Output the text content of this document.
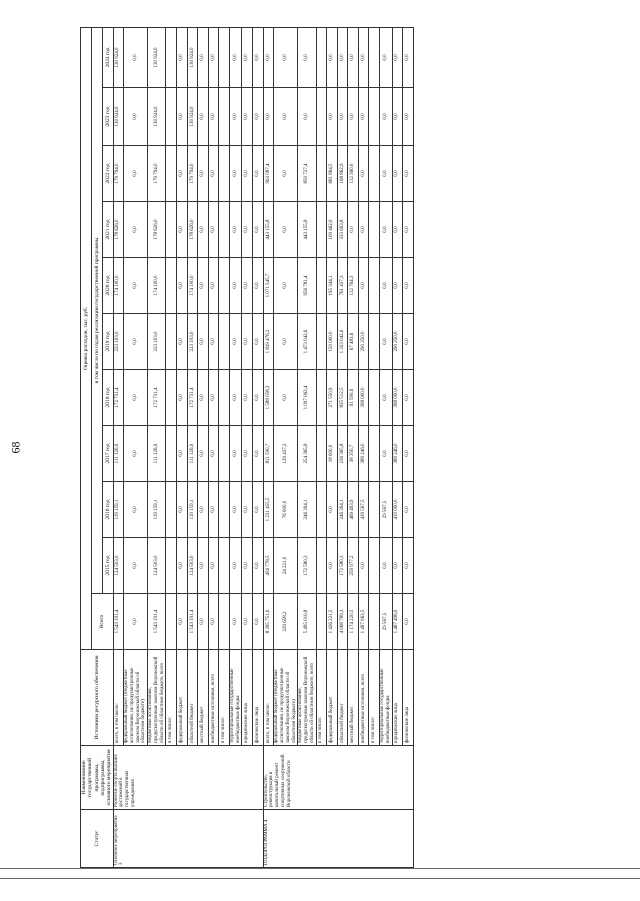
68
Статус	Наименование государственной программы, подпрограммы, основного мероприятия	Источники ресурсного обеспечения	Оценка расходов, тыс. руб.										
			Всего	в том числе по годам реализации государственной программы									
				2015 год	2016 год	2017 год	2018 год	2019 год	2020 год	2021 год	2022 год	2023 год	2024 год
Основное мероприятие 3	Развитие спорта высших достижений в государственных учреждениях	всего, в том числе:	1 543 191,4	124 503,0	119 159,1	111 126,9	172 731,4	223 103,0	174 100,0	178 626,0	179 794,0	130 924,0	130 924,0
		федеральный бюджет (бюджетные ассигнования, не предусмотренные законом Воронежской области об областном бюджете)	0,0	0,0	0,0	0,0	0,0	0,0	0,0	0,0	0,0	0,0	0,0
		бюджетные ассигнования, предусмотренные законом Воронежской области об областном бюджете, всего	1 543 191,4	124 503,0	119 159,1	111 126,9	172 731,4	223 103,0	174 100,0	178 626,0	179 794,0	130 924,0	130 924,0
		в том числе:											
		федеральный бюджет	0,0	0,0	0,0	0,0	0,0	0,0	0,0	0,0	0,0	0,0	0,0
		областной бюджет	1 543 191,4	124 503,0	119 159,1	111 126,9	172 731,4	223 103,0	174 100,0	178 626,0	179 794,0	130 924,0	130 924,0
		местный бюджет	0,0	0,0	0,0	0,0	0,0	0,0	0,0	0,0	0,0	0,0	0,0
		внебюджетные источники, всего	0,0	0,0	0,0	0,0	0,0	0,0	0,0	0,0	0,0	0,0	0,0
		в том числе:											
		территориальные государственные внебюджетные фонды	0,0	0,0	0,0	0,0	0,0	0,0	0,0	0,0	0,0	0,0	0,0
		юридические лица	0,0	0,0	0,0	0,0	0,0	0,0	0,0	0,0	0,0	0,0	0,0
		физические лица	0,0	0,0	0,0	0,0	0,0	0,0	0,0	0,0	0,0	0,0	0,0
ПОДПРОГРАММА 4	Строительство, реконструкция и капитальный ремонт спортивных сооружений Воронежской области	всего, в том числе:	8 395 751,0	456 778,5	1 231 455,5	811 590,7	1 588 058,3	1 829 476,2	1 071 545,7	443 155,8	963 087,4	0,0	0,0
		федеральный бюджет (бюджетные ассигнования, не предусмотренные законом Воронежской области об областном бюджете)	229 658,2	24 221,0	76 000,0	129 437,2	0,0	0,0	0,0	0,0	0,0	0,0	0,0
		бюджетные ассигнования, предусмотренные законом Воронежской области об областном бюджете, всего	5 495 010,8	172 580,3	246 394,1	254 365,8	1 097 063,4	1 473 042,6	956 781,4	443 155,8	850 727,4	0,0	0,0
		в том числе:											
		федеральный бюджет	1 426 221,5	0,0	0,0	18 000,0	271 550,9	150 000,0	195 344,1	109 462,0	681 864,5	0,0	0,0
		областной бюджет	4 068 789,3	172 580,3	246 394,1	236 365,8	825 512,5	1 323 042,6	761 437,3	333 693,8	168 862,9	0,0	0,0
		местный бюджет	1 174 220,5	259 977,2	469 493,9	38 350,7	91 590,9	67 483,6	112 764,3	0,0	112 360,0	0,0	0,0
		внебюджетные источники, всего	1 497 063,5	0,0	439 567,5	389 246,0	398 000,0	290 250,0	0,0	0,0	0,0	0,0	0,0
		в том числе:											
		территориальные государственные внебюджетные фонды	29 567,5	0,0	29 567,5	0,0	0,0	0,0	0,0	0,0	0,0	0,0	0,0
		юридические лица	1 467 496,0	0,0	410 000,0	389 246,0	398 000,0	290 250,0	0,0	0,0	0,0	0,0	0,0
		физические лица	0,0	0,0	0,0	0,0	0,0	0,0	0,0	0,0	0,0	0,0	0,0
